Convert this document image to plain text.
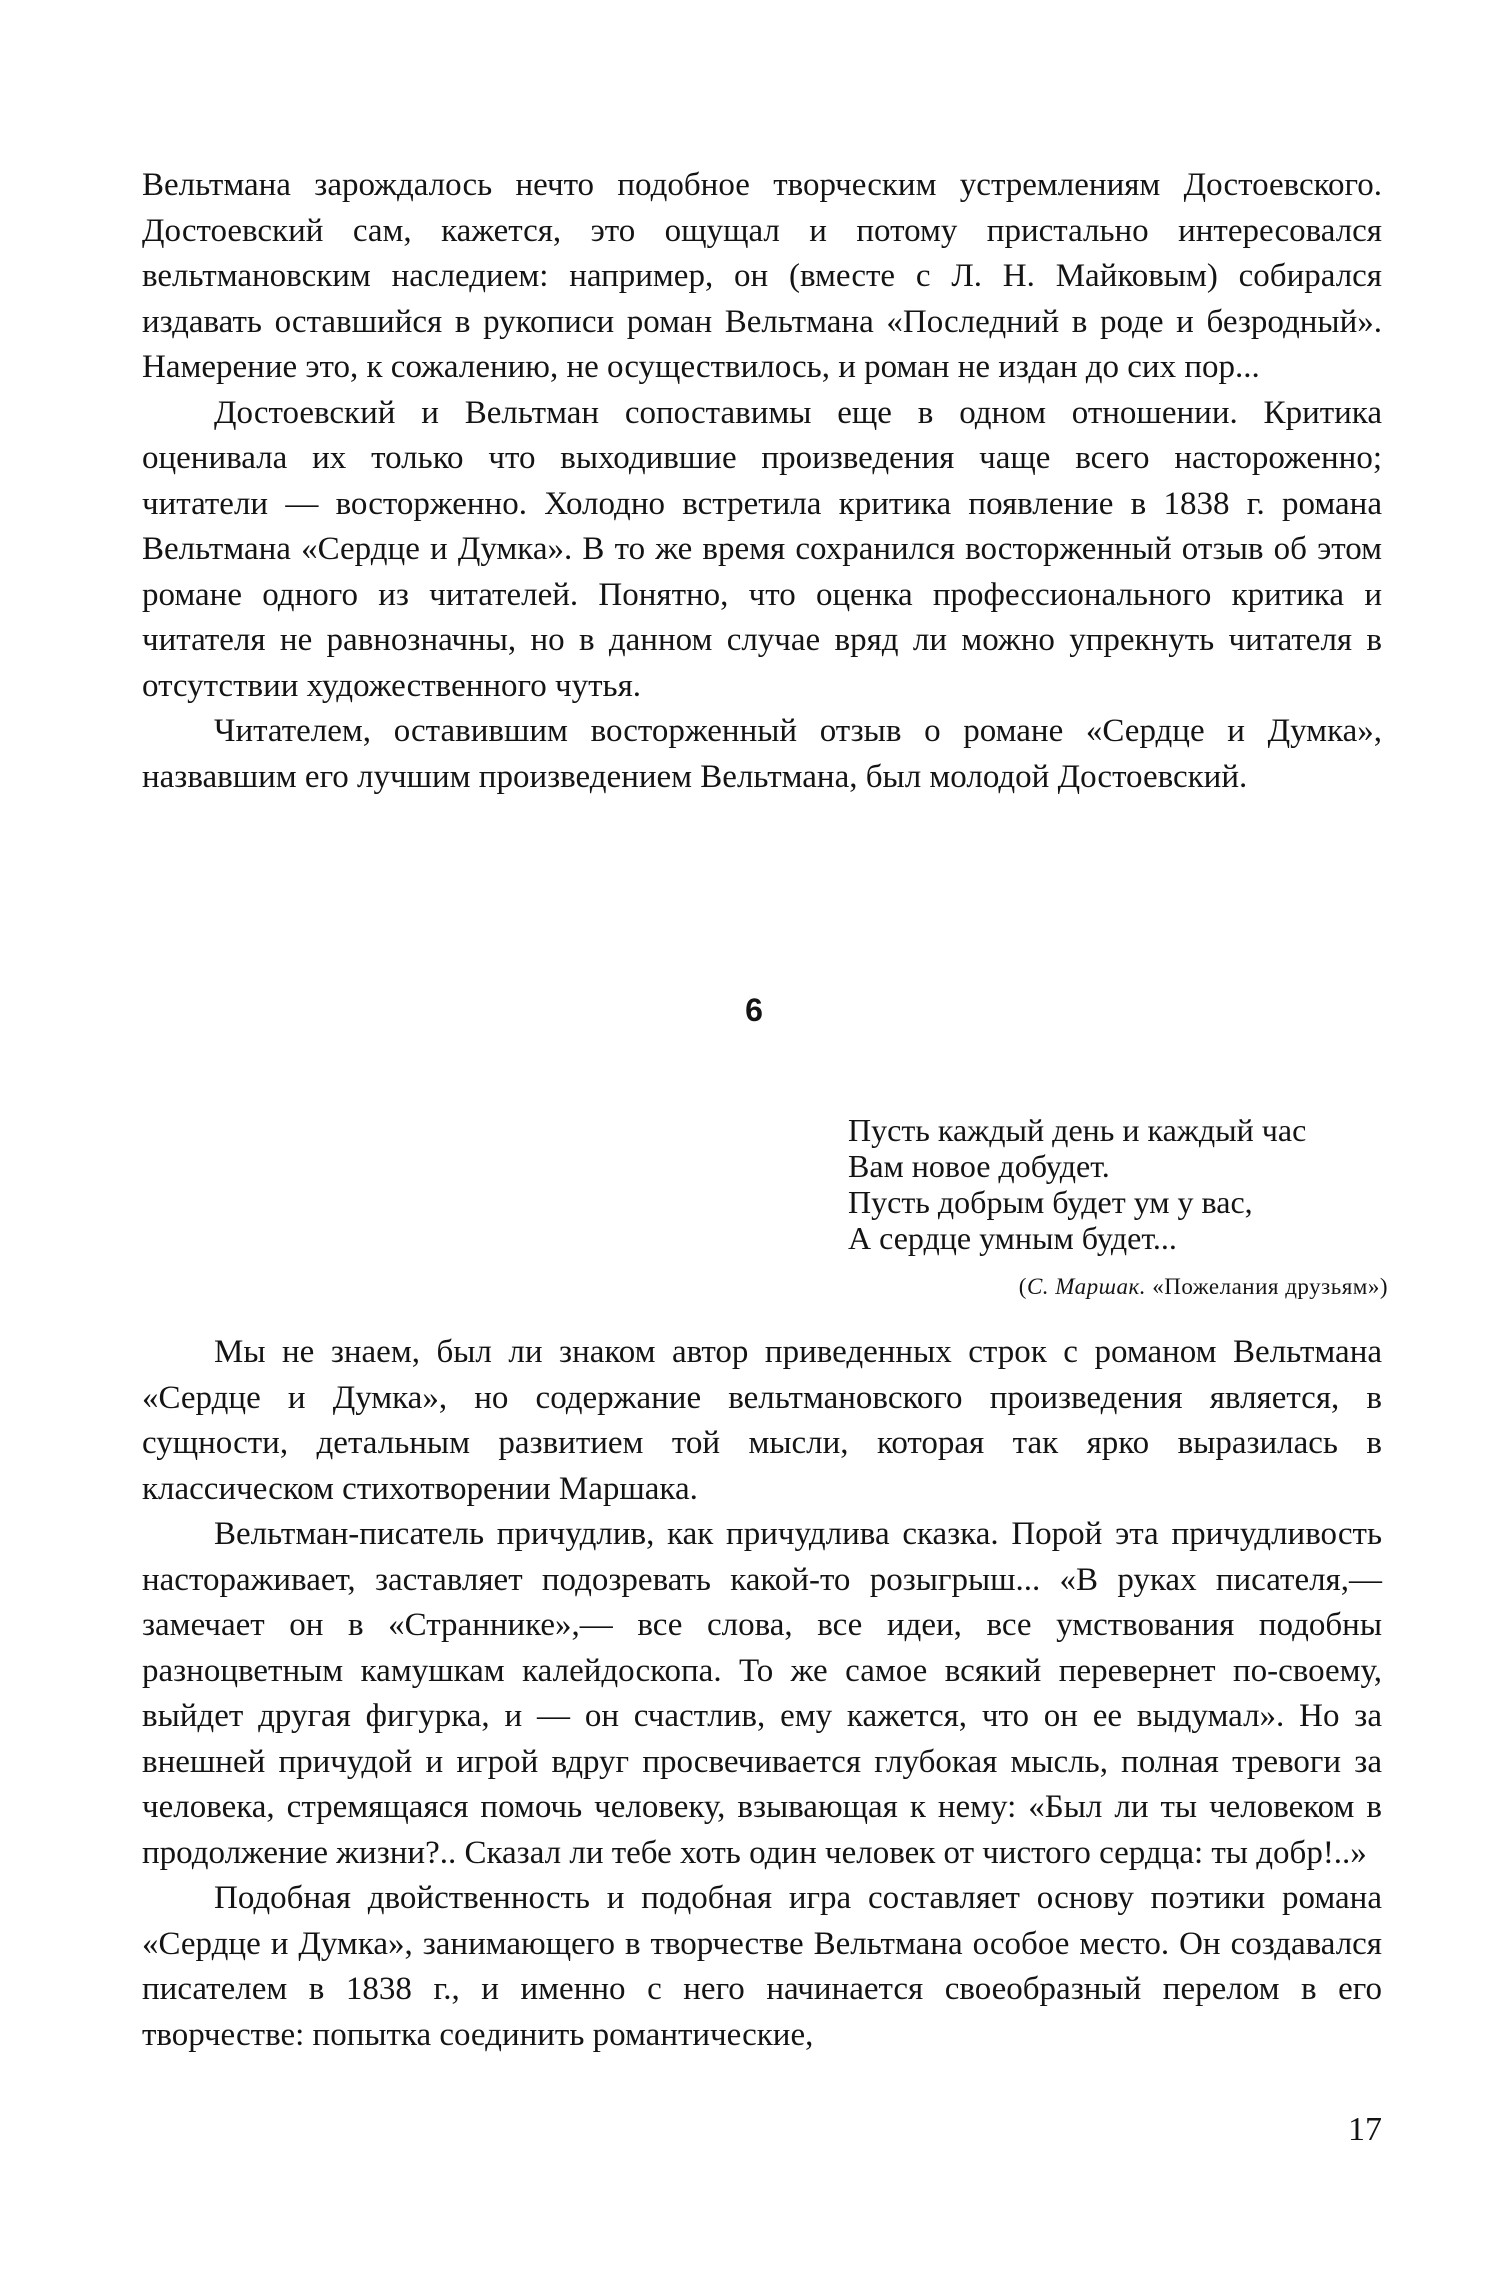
Вельтмана зарождалось нечто подобное творческим устремлениям Достоевского. Достоевский сам, кажется, это ощущал и потому пристально интересовался вельтмановским наследием: например, он (вместе с Л. Н. Майковым) собирался издавать оставшийся в рукописи роман Вельтмана «Последний в роде и безродный». Намерение это, к сожалению, не осуществилось, и роман не издан до сих пор...

Достоевский и Вельтман сопоставимы еще в одном отношении. Критика оценивала их только что выходившие произведения чаще всего настороженно; читатели — восторженно. Холодно встретила критика появление в 1838 г. романа Вельтмана «Сердце и Думка». В то же время сохранился восторженный отзыв об этом романе одного из читателей. Понятно, что оценка профессионального критика и читателя не равнозначны, но в данном случае вряд ли можно упрекнуть читателя в отсутствии художественного чутья.

Читателем, оставившим восторженный отзыв о романе «Сердце и Думка», назвавшим его лучшим произведением Вельтмана, был молодой Достоевский.

6
Пусть каждый день и каждый час
Вам новое добудет.
Пусть добрым будет ум у вас,
А сердце умным будет...
(С. Маршак. «Пожелания друзьям»)

Мы не знаем, был ли знаком автор приведенных строк с романом Вельтмана «Сердце и Думка», но содержание вельтмановского произведения является, в сущности, детальным развитием той мысли, которая так ярко выразилась в классическом стихотворении Маршака.

Вельтман-писатель причудлив, как причудлива сказка. Порой эта причудливость настораживает, заставляет подозревать какой-то розыгрыш... «В руках писателя,— замечает он в «Страннике»,— все слова, все идеи, все умствования подобны разноцветным камушкам калейдоскопа. То же самое всякий перевернет по-своему, выйдет другая фигурка, и — он счастлив, ему кажется, что он ее выдумал». Но за внешней причудой и игрой вдруг просвечивается глубокая мысль, полная тревоги за человека, стремящаяся помочь человеку, взывающая к нему: «Был ли ты человеком в продолжение жизни?.. Сказал ли тебе хоть один человек от чистого сердца: ты добр!..»

Подобная двойственность и подобная игра составляет основу поэтики романа «Сердце и Думка», занимающего в творчестве Вельтмана особое место. Он создавался писателем в 1838 г., и именно с него начинается своеобразный перелом в его творчестве: попытка соединить романтические,

17
